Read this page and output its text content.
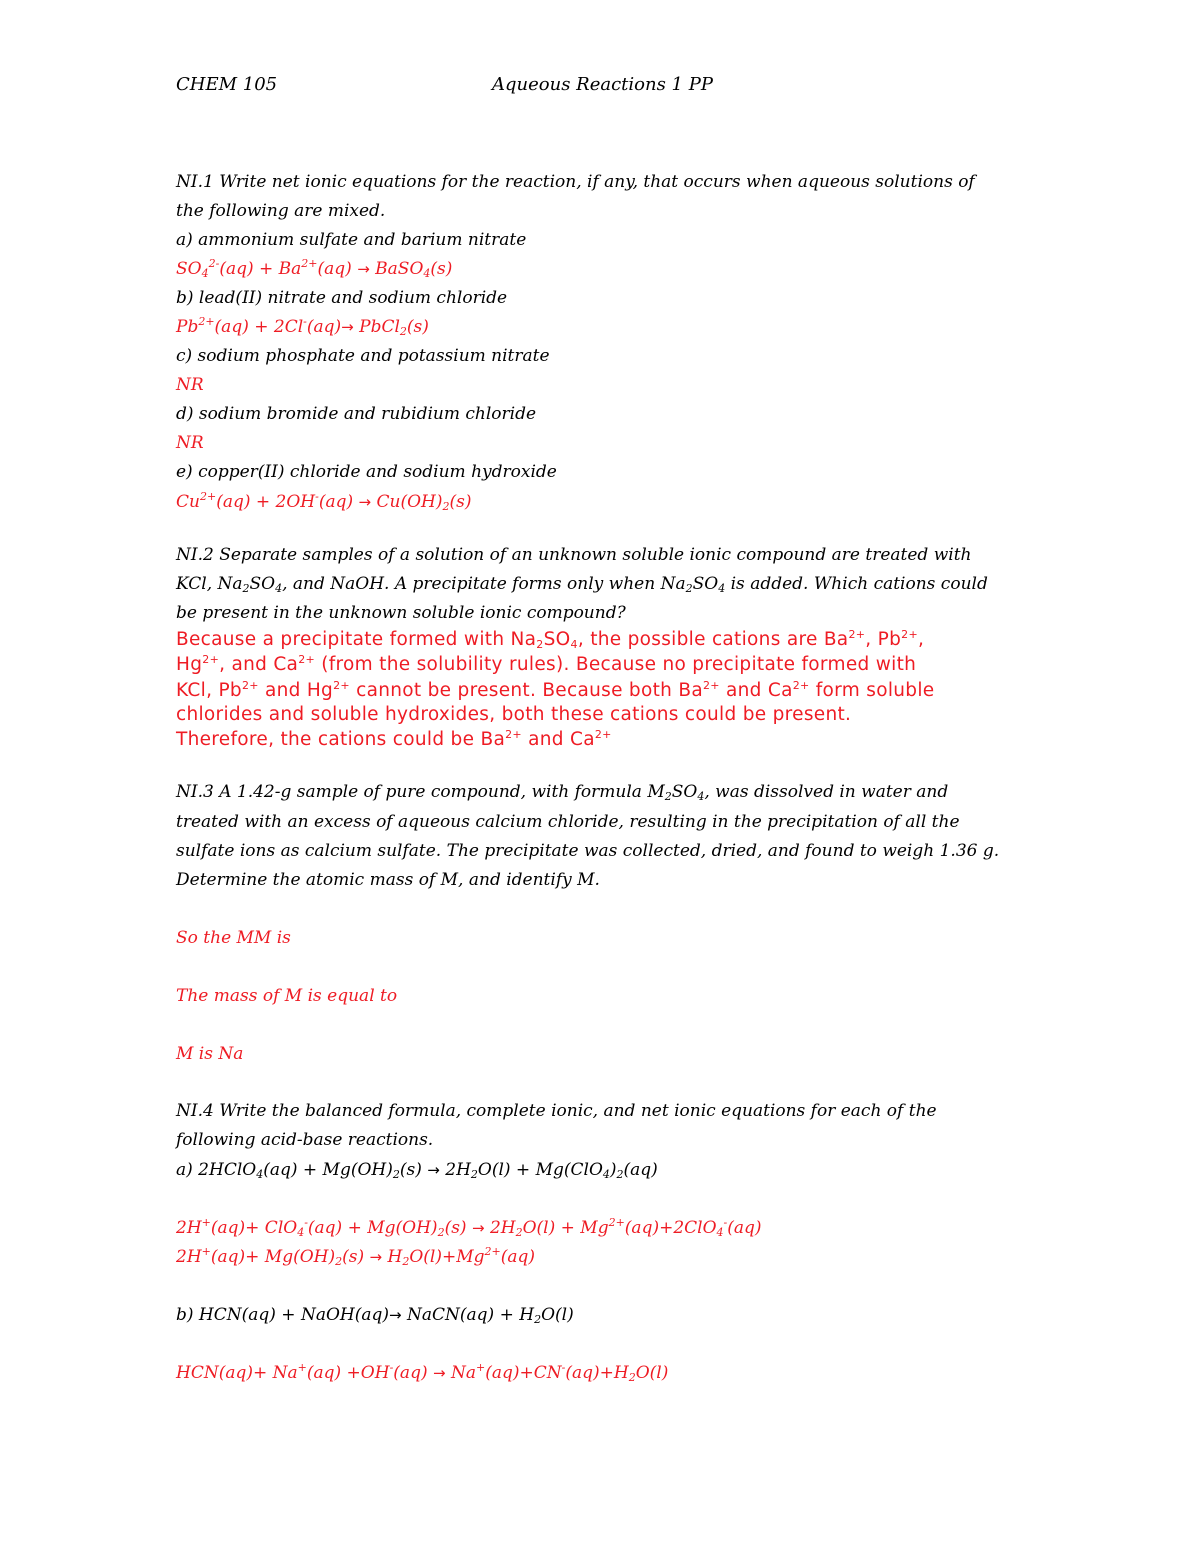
CHEM 105	Aqueous Reactions 1 PP
NI.1 Write net ionic equations for the reaction, if any, that occurs when aqueous solutions of
the following are mixed.
a) ammonium sulfate and barium nitrate
$SO_4^{2-}(aq) + Ba^{2+}(aq)$ → BaSO$_4$(s)
b) lead(II) nitrate and sodium chloride
$Pb^{2+}(aq) + 2Cl^-(aq)\to$ PbCl$_2$(s)
c) sodium phosphate and potassium nitrate
NR
d) sodium bromide and rubidium chloride
NR
e) copper(II) chloride and sodium hydroxide
$Cu^{2+}(aq) + 2OH^-(aq) \to Cu(OH)_2(s)$
NI.2 Separate samples of a solution of an unknown soluble ionic compound are treated with
KCl, $Na_2SO_4$, and NaOH. A precipitate forms only when $Na_2SO_4$ is added. Which cations could
be present in the unknown soluble ionic compound?
Because a precipitate formed with $Na_2SO_4$, the possible cations are $Ba^{2+}$, $Pb^{2+}$,
$Hg^{2+}$, and $Ca^{2+}$ (from the solubility rules). Because no precipitate formed with
KCl, $Pb^{2+}$ and $Hg^{2+}$ cannot be present. Because both $Ba^{2+}$ and $Ca^{2+}$ form soluble
chlorides and soluble hydroxides, both these cations could be present.
Therefore, the cations could be $Ba^{2+}$ and $Ca^{2+}$
NI.3 A 1.42-g sample of pure compound, with formula $M_2SO_4$, was dissolved in water and
treated with an excess of aqueous calcium chloride, resulting in the precipitation of all the
sulfate ions as calcium sulfate. The precipitate was collected, dried, and found to weigh 1.36 g.
Determine the atomic mass of M, and identify M.
So the MM is
The mass of M is equal to
M is Na
NI.4 Write the balanced formula, complete ionic, and net ionic equations for each of the
following acid-base reactions.
a) 2HClO$_4$(aq) + $Mg(OH)_2(s) \to 2H_2O(l) + Mg(ClO_4)_2(aq)$
$2H^+(aq)+ ClO_4^-(aq) + Mg(OH)_2(s) \to 2H_2O(l) + Mg^{2+}(aq)+2ClO_4^-(aq)$
$2H^+(aq)+ Mg(OH)_2(s) \to H_2O(l)+Mg^{2+}(aq)$
b) HCN(aq) + NaOH(aq)→ NaCN(aq) + $H_2O(l)$
$HCN(aq)+ Na^+(aq) +OH^-(aq) \to Na^+(aq)+CN^-(aq)+H_2O(l)$
